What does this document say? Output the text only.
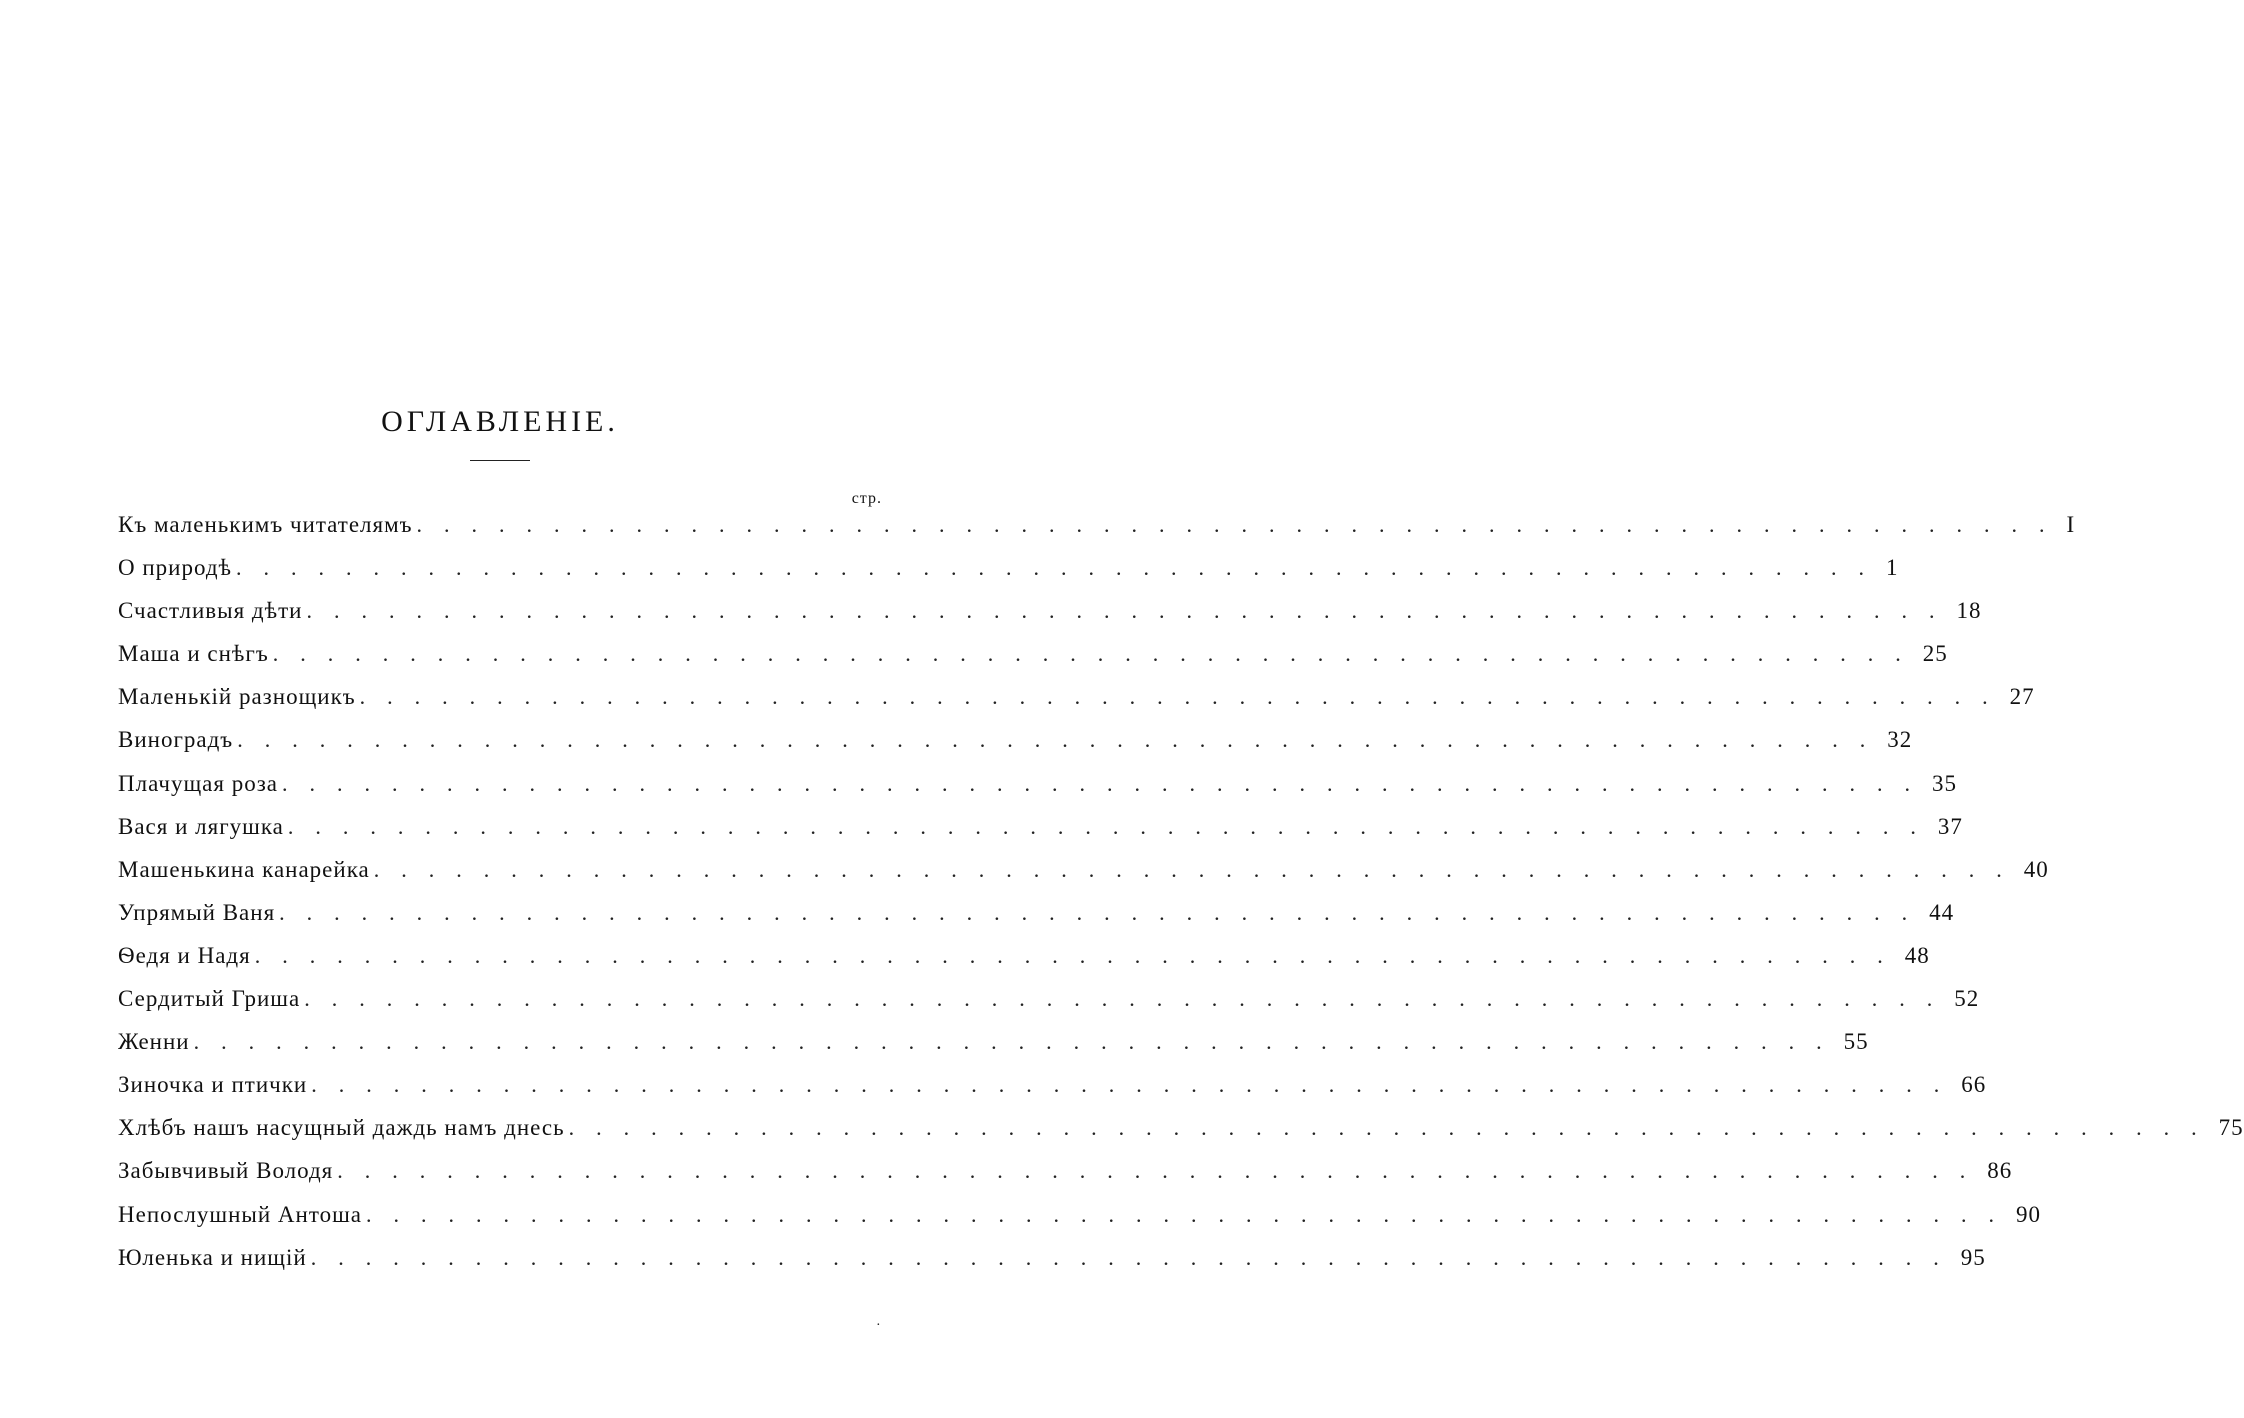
ОГЛАВЛЕНІЕ.
стр.
Къ маленькимъ читателямъ ............................................................ I
О природѣ ............................................................ 1
Счастливыя дѣти ............................................................ 18
Маша и снѣгъ ............................................................ 25
Маленькій разнощикъ ............................................................ 27
Виноградъ ............................................................ 32
Плачущая роза ............................................................ 35
Вася и лягушка ............................................................ 37
Машенькина канарейка ............................................................ 40
Упрямый Ваня ............................................................ 44
Ѳедя и Надя ............................................................ 48
Сердитый Гриша ............................................................ 52
Женни ............................................................ 55
Зиночка и птички ............................................................ 66
Хлѣбъ нашъ насущный даждь намъ днесь ............................................................ 75
Забывчивый Володя ............................................................ 86
Непослушный Антоша ............................................................ 90
Юленька и нищій ............................................................ 95
·
